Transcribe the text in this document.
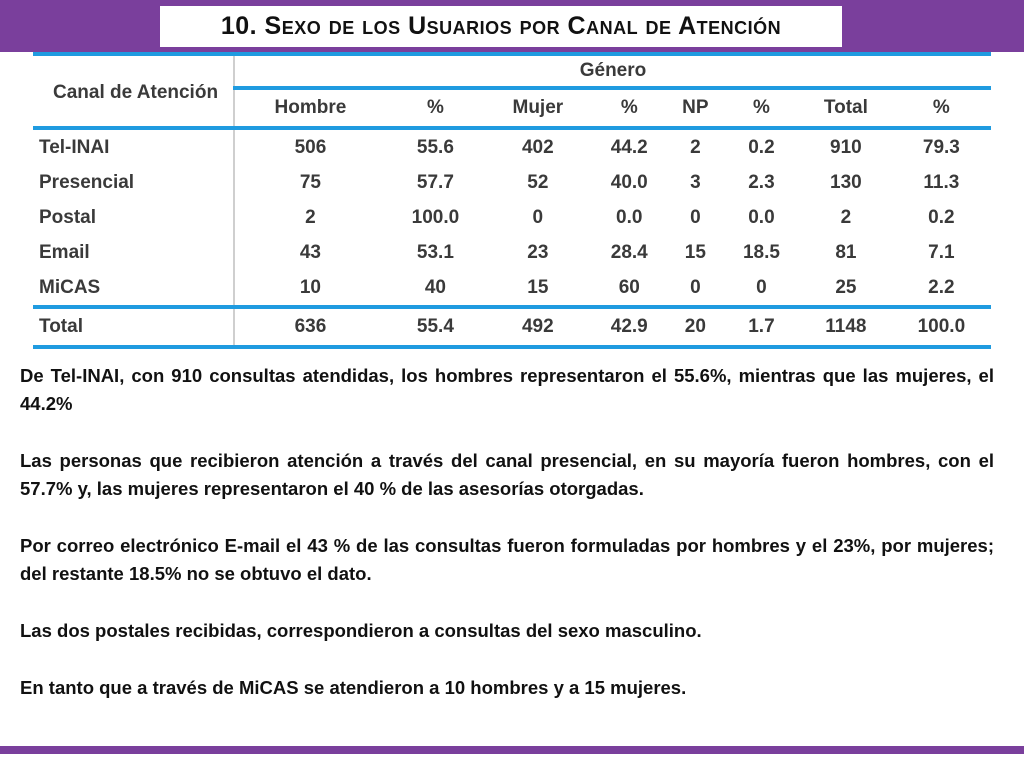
10. Sexo de los Usuarios por Canal de Atención
Canal de Atención	Género							
	Hombre	%	Mujer	%	NP	%	Total	%
Tel-INAI	506	55.6	402	44.2	2	0.2	910	79.3
Presencial	75	57.7	52	40.0	3	2.3	130	11.3
Postal	2	100.0	0	0.0	0	0.0	2	0.2
Email	43	53.1	23	28.4	15	18.5	81	7.1
MiCAS	10	40	15	60	0	0	25	2.2
Total	636	55.4	492	42.9	20	1.7	1148	100.0

De Tel-INAI, con 910 consultas atendidas, los hombres representaron el 55.6%, mientras que las mujeres, el 44.2%

Las personas que recibieron atención a través del canal presencial, en su mayoría fueron hombres, con el 57.7% y, las mujeres representaron el 40 % de las asesorías otorgadas.

Por correo electrónico E-mail el 43 % de las consultas fueron formuladas por hombres y el 23%, por mujeres; del restante 18.5% no se obtuvo el dato.

Las dos postales recibidas, correspondieron a consultas del sexo masculino.

En tanto que a través de MiCAS se atendieron a 10 hombres y a 15 mujeres.
